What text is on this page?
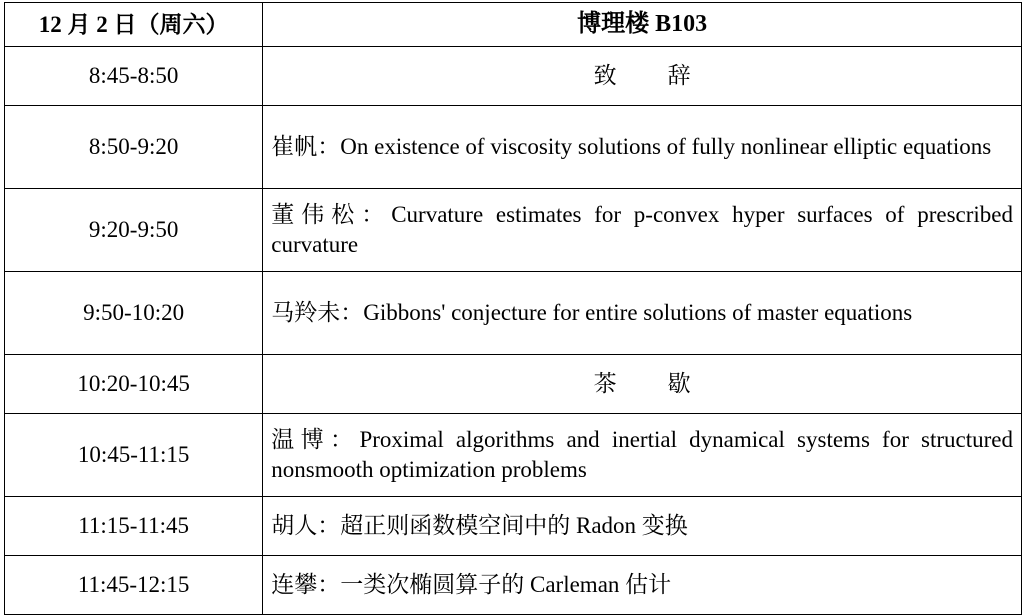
12 月 2 日（周六）	博理楼 B103
8:45-8:50	致　辞
8:50-9:20	崔帆：On existence of viscosity solutions of fully nonlinear elliptic equations

9:20-9:50	董伟松：Curvature estimates for p-convex hyper surfaces of prescribed curvature

9:50-10:20	马羚未：Gibbons' conjecture for entire solutions of master equations

10:20-10:45	茶　歇
10:45-11:15	温博：Proximal algorithms and inertial dynamical systems for structured nonsmooth optimization problems

11:15-11:45	胡人：超正则函数模空间中的 Radon 变换

11:45-12:15	连攀：一类次椭圆算子的 Carleman 估计
